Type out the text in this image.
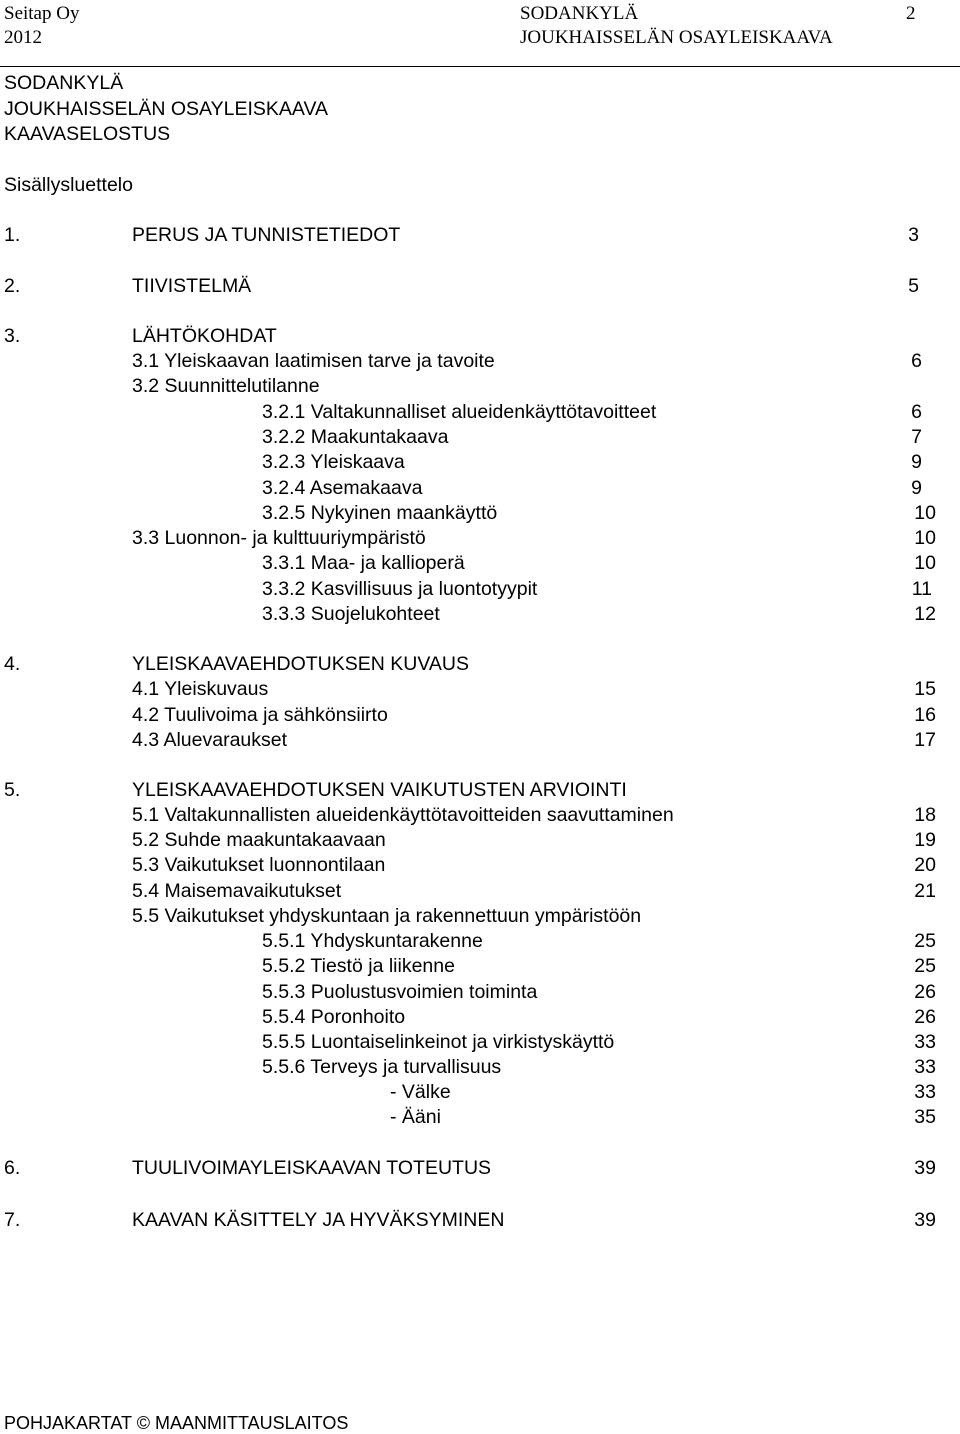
Seitap Oy
2012
SODANKYLÄ
JOUKHAISSELÄN OSAYLEISKAAVA
2
SODANKYLÄ
JOUKHAISSELÄN OSAYLEISKAAVA
KAAVASELOSTUS
Sisällysluettelo
1.	PERUS JA TUNNISTETIEDOT	3
2.	TIIVISTELMÄ	5
3.	LÄHTÖKOHDAT
3.1 Yleiskaavan laatimisen tarve ja tavoite	6
3.2 Suunnittelutilanne
3.2.1 Valtakunnalliset alueidenkäyttötavoitteet	6
3.2.2 Maakuntakaava	7
3.2.3 Yleiskaava	9
3.2.4 Asemakaava	9
3.2.5 Nykyinen maankäyttö	10
3.3 Luonnon- ja kulttuuriympäristö	10
3.3.1 Maa- ja kallioperä	10
3.3.2 Kasvillisuus ja luontotyypit	11
3.3.3 Suojelukohteet	12
4.	YLEISKAAVAEHDOTUKSEN KUVAUS
4.1 Yleiskuvaus	15
4.2 Tuulivoima ja sähkönsiirto	16
4.3 Aluevaraukset	17
5.	YLEISKAAVAEHDOTUKSEN VAIKUTUSTEN ARVIOINTI
5.1 Valtakunnallisten alueidenkäyttötavoitteiden saavuttaminen	18
5.2 Suhde maakuntakaavaan	19
5.3 Vaikutukset luonnontilaan	20
5.4 Maisemavaikutukset	21
5.5 Vaikutukset yhdyskuntaan ja rakennettuun ympäristöön
5.5.1 Yhdyskuntarakenne	25
5.5.2 Tiestö ja liikenne	25
5.5.3 Puolustusvoimien toiminta	26
5.5.4 Poronhoito	26
5.5.5 Luontaiselinkeinot ja virkistyskäyttö	33
5.5.6 Terveys ja turvallisuus	33
- Välke	33
- Ääni	35
6.	TUULIVOIMAYLEISKAAVAN TOTEUTUS	39
7.	KAAVAN KÄSITTELY JA HYVÄKSYMINEN	39
POHJAKARTAT © MAANMITTAUSLAITOS
